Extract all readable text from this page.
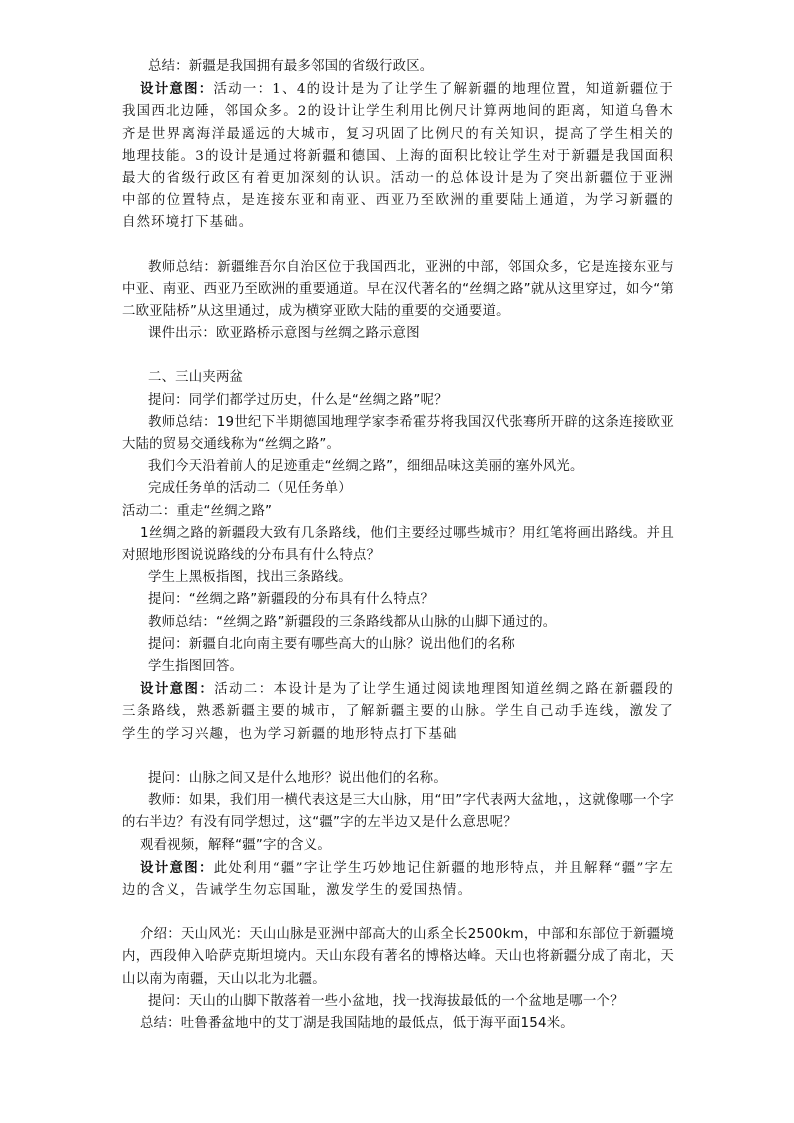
总结：新疆是我国拥有最多邻国的省级行政区。

设计意图：活动一：1、4的设计是为了让学生了解新疆的地理位置，知道新疆位于我国西北边陲，邻国众多。2的设计让学生利用比例尺计算两地间的距离，知道乌鲁木齐是世界离海洋最遥远的大城市，复习巩固了比例尺的有关知识，提高了学生相关的地理技能。3的设计是通过将新疆和德国、上海的面积比较让学生对于新疆是我国面积最大的省级行政区有着更加深刻的认识。活动一的总体设计是为了突出新疆位于亚洲中部的位置特点，是连接东亚和南亚、西亚乃至欧洲的重要陆上通道，为学习新疆的自然环境打下基础。

教师总结：新疆维吾尔自治区位于我国西北，亚洲的中部，邻国众多，它是连接东亚与中亚、南亚、西亚乃至欧洲的重要通道。早在汉代著名的“丝绸之路”就从这里穿过，如今“第二欧亚陆桥”从这里通过，成为横穿亚欧大陆的重要的交通要道。

课件出示：欧亚路桥示意图与丝绸之路示意图

二、三山夹两盆

提问：同学们都学过历史，什么是“丝绸之路”呢？

教师总结：19世纪下半期德国地理学家李希霍芬将我国汉代张骞所开辟的这条连接欧亚大陆的贸易交通线称为“丝绸之路”。

我们今天沿着前人的足迹重走“丝绸之路”，细细品味这美丽的塞外风光。

完成任务单的活动二（见任务单）

活动二：重走“丝绸之路”

1丝绸之路的新疆段大致有几条路线，他们主要经过哪些城市？用红笔将画出路线。并且对照地形图说说路线的分布具有什么特点？

学生上黑板指图，找出三条路线。

提问：“丝绸之路”新疆段的分布具有什么特点？

教师总结：“丝绸之路”新疆段的三条路线都从山脉的山脚下通过的。

提问：新疆自北向南主要有哪些高大的山脉？说出他们的名称

学生指图回答。

设计意图：活动二：本设计是为了让学生通过阅读地理图知道丝绸之路在新疆段的三条路线，熟悉新疆主要的城市，了解新疆主要的山脉。学生自己动手连线，激发了学生的学习兴趣，也为学习新疆的地形特点打下基础

提问：山脉之间又是什么地形？说出他们的名称。

教师：如果，我们用一横代表这是三大山脉，用“田”字代表两大盆地，，这就像哪一个字的右半边？有没有同学想过，这“疆”字的左半边又是什么意思呢？

观看视频，解释“疆”字的含义。

设计意图：此处利用“疆”字让学生巧妙地记住新疆的地形特点，并且解释“疆”字左边的含义，告诫学生勿忘国耻，激发学生的爱国热情。

介绍：天山风光：天山山脉是亚洲中部高大的山系全长2500km，中部和东部位于新疆境内，西段伸入哈萨克斯坦境内。天山东段有著名的博格达峰。天山也将新疆分成了南北，天山以南为南疆，天山以北为北疆。

提问：天山的山脚下散落着一些小盆地，找一找海拔最低的一个盆地是哪一个？

总结：吐鲁番盆地中的艾丁湖是我国陆地的最低点，低于海平面154米。
